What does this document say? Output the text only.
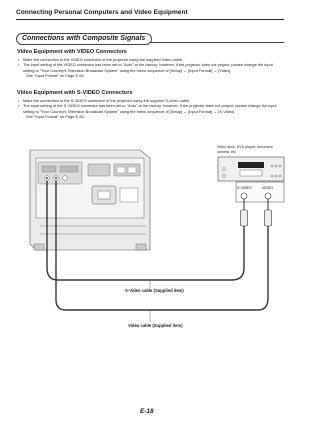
Connecting Personal Computers and Video Equipment
Connections with Composite Signals
Video Equipment with VIDEO Connectors
• Make the connection to the VIDEO connector of the projector using the supplied Video cable.
• The input setting of the VIDEO connector has been set to "Auto" at the factory; however, if the projector does not project, please change the input setting to "Your Country's Television Broadcast System" using the menu sequence of [Setup] → [Input Format] → [Video].
See "Input Format" on Page E-52.
Video Equipment with S-VIDEO Connectors
• Make the connection to the S-VIDEO connector of the projector using the supplied S-video cable.
• The input setting of the S-VIDEO connector has been set to "Auto" at the factory; however, if the projector does not project, please change the input setting to "Your Country's Television Broadcast System" using the menu sequence of [Setup] → [Input Format] → [S-Video].
See "Input Format" on Page E-52.
Video deck, DVD player, document
camera, etc.
S-VIDEO	VIDEO
S-Video cable (Supplied item)
Video cable (Supplied item)
E-18
